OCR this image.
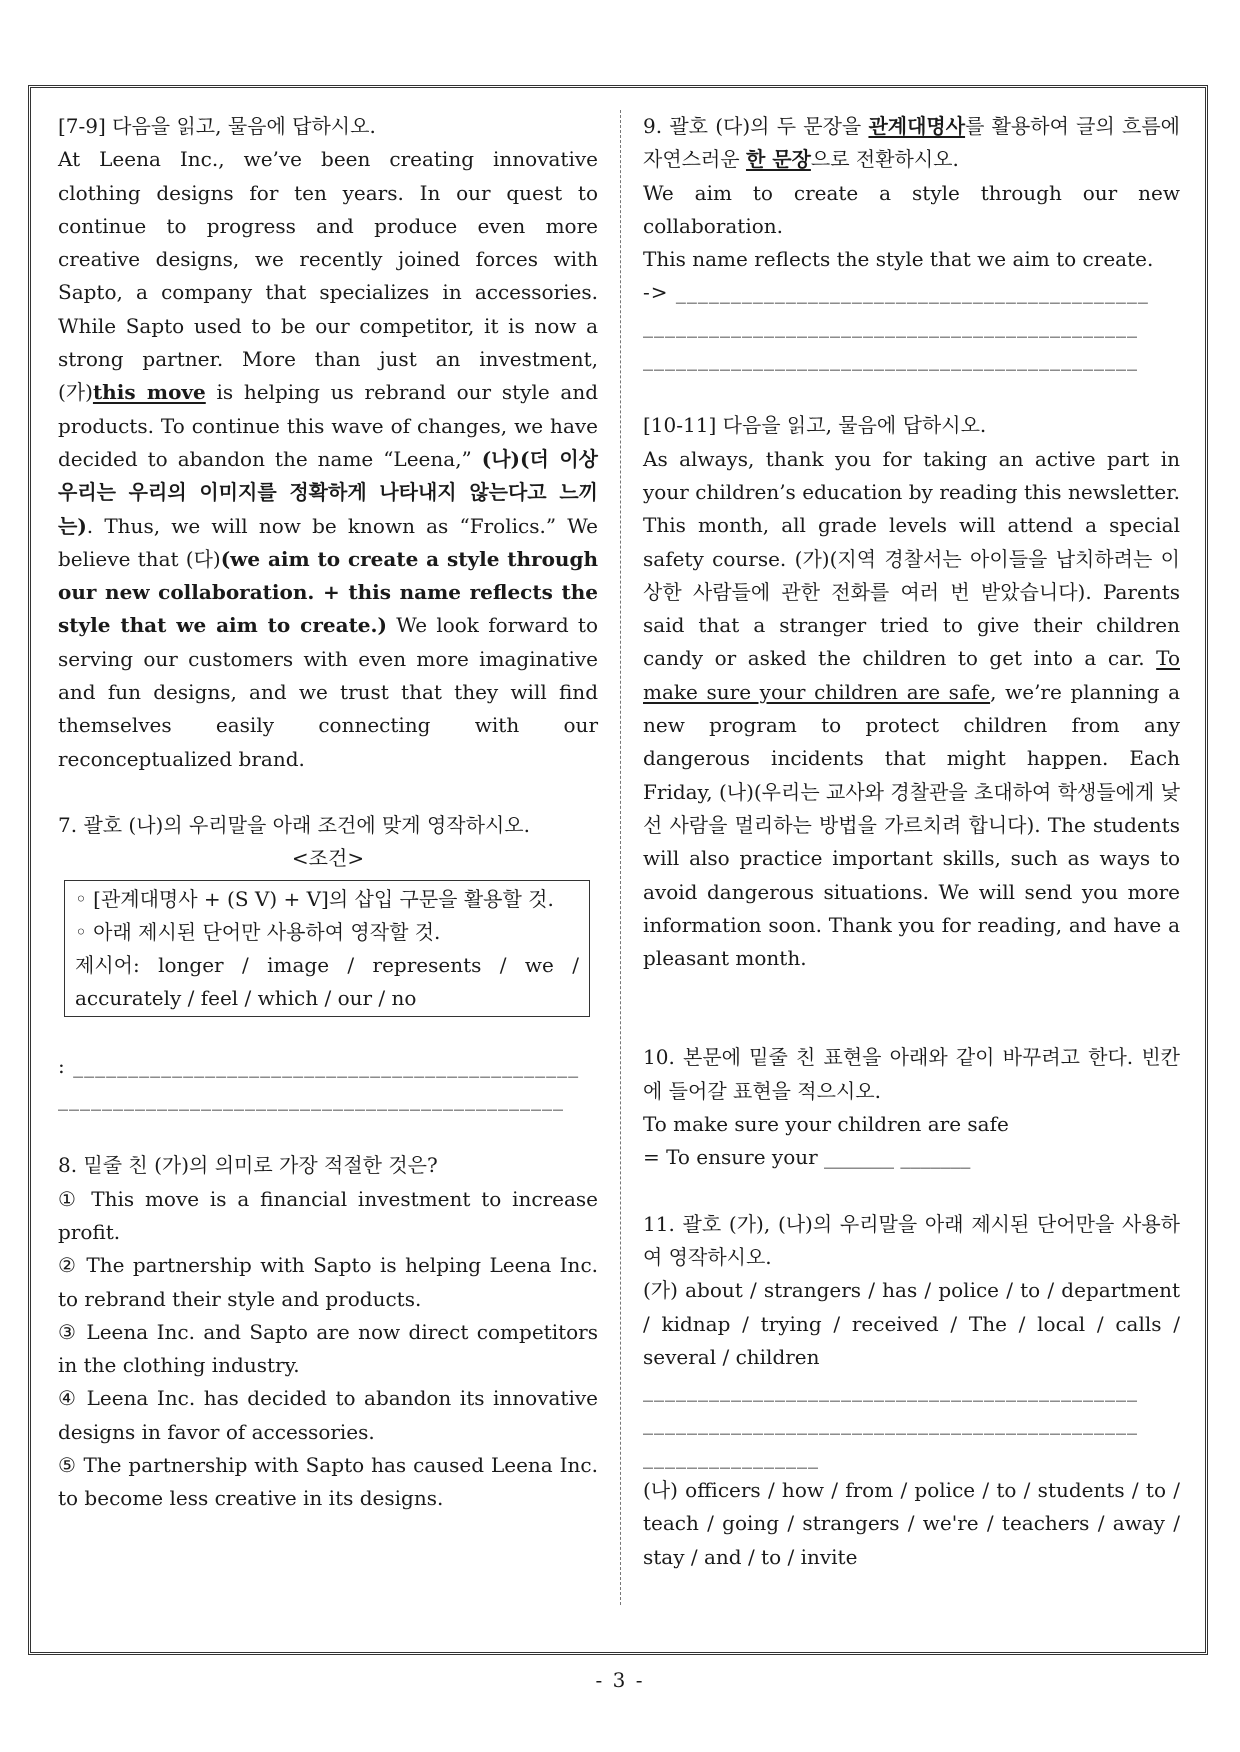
[7-9] 다음을 읽고, 물음에 답하시오.

At Leena Inc., we’ve been creating innovative clothing designs for ten years. In our quest to continue to progress and produce even more creative designs, we recently joined forces with Sapto, a company that specializes in accessories. While Sapto used to be our competitor, it is now a strong partner. More than just an investment, (가)this move is helping us rebrand our style and products. To continue this wave of changes, we have decided to abandon the name “Leena,” (나)(더 이상 우리는 우리의 이미지를 정확하게 나타내지 않는다고 느끼는). Thus, we will now be known as “Frolics.” We believe that (다)(we aim to create a style through our new collaboration. + this name reflects the style that we aim to create.) We look forward to serving our customers with even more imaginative and fun designs, and we trust that they will find themselves easily connecting with our reconceptualized brand.

7. 괄호 (나)의 우리말을 아래 조건에 맞게 영작하시오.

<조건>

◦ [관계대명사 + (S V) + V]의 삽입 구문을 활용할 것.

◦ 아래 제시된 단어만 사용하여 영작할 것.

제시어: longer / image / represents / we / accurately / feel / which / our / no

: ______________________________________________

______________________________________________

8. 밑줄 친 (가)의 의미로 가장 적절한 것은?

① This move is a financial investment to increase profit.

② The partnership with Sapto is helping Leena Inc. to rebrand their style and products.

③ Leena Inc. and Sapto are now direct competitors in the clothing industry.

④ Leena Inc. has decided to abandon its innovative designs in favor of accessories.

⑤ The partnership with Sapto has caused Leena Inc. to become less creative in its designs.

9. 괄호 (다)의 두 문장을 관계대명사를 활용하여 글의 흐름에 자연스러운 한 문장으로 전환하시오.

We aim to create a style through our new collaboration.

This name reflects the style that we aim to create.

-> ___________________________________________

_____________________________________________

_____________________________________________

[10-11] 다음을 읽고, 물음에 답하시오.

As always, thank you for taking an active part in your children’s education by reading this newsletter. This month, all grade levels will attend a special safety course. (가)(지역 경찰서는 아이들을 납치하려는 이상한 사람들에 관한 전화를 여러 번 받았습니다). Parents said that a stranger tried to give their children candy or asked the children to get into a car. To make sure your children are safe, we’re planning a new program to protect children from any dangerous incidents that might happen. Each Friday, (나)(우리는 교사와 경찰관을 초대하여 학생들에게 낯선 사람을 멀리하는 방법을 가르치려 합니다). The students will also practice important skills, such as ways to avoid dangerous situations. We will send you more information soon. Thank you for reading, and have a pleasant month.

10. 본문에 밑줄 친 표현을 아래와 같이 바꾸려고 한다. 빈칸에 들어갈 표현을 적으시오.

To make sure your children are safe

= To ensure your _______ _______

11. 괄호 (가), (나)의 우리말을 아래 제시된 단어만을 사용하여 영작하시오.

(가) about / strangers / has / police / to / department / kidnap / trying / received / The / local / calls / several / children

_____________________________________________

_____________________________________________

________________

(나) officers / how / from / police / to / students / to / teach / going / strangers / we're / teachers / away / stay / and / to / invite

- 3 -
